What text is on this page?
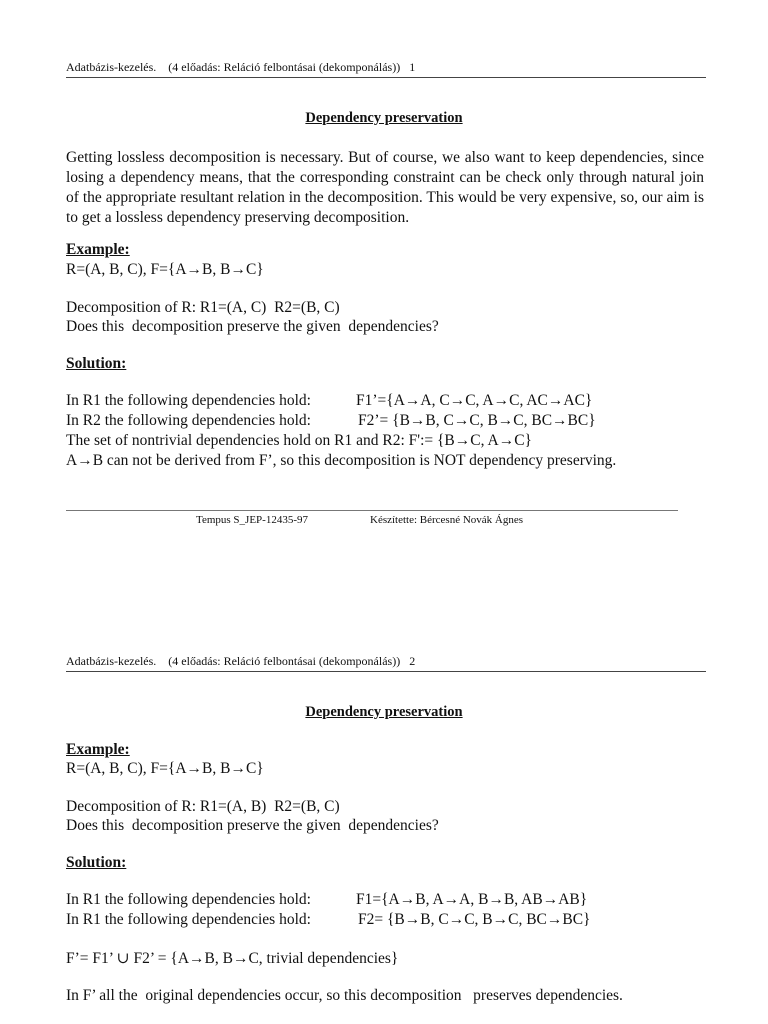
Adatbázis-kezelés.    (4 előadás: Reláció felbontásai (dekomponálás))   1
Dependency preservation
Getting lossless decomposition is necessary. But of course, we also want to keep dependencies, since losing a dependency means, that the corresponding constraint can be check only through natural join of the appropriate resultant relation in the decomposition. This would be very expensive, so, our aim is to get a lossless dependency preserving decomposition.
Example:
R=(A, B, C), F={A→B, B→C}
Decomposition of R: R1=(A, C)  R2=(B, C)
Does this  decomposition preserve the given  dependencies?
Solution:
In R1 the following dependencies hold:	F1’={A→A, C→C, A→C, AC→AC}
In R2 the following dependencies hold:	F2’= {B→B, C→C, B→C, BC→BC}
The set of nontrivial dependencies hold on R1 and R2: F':= {B→C, A→C}
A→B can not be derived from F’, so this decomposition is NOT dependency preserving.
Tempus S_JEP-12435-97	Készítette: Bércesné Novák Ágnes
Adatbázis-kezelés.    (4 előadás: Reláció felbontásai (dekomponálás))   2
Dependency preservation
Example:
R=(A, B, C), F={A→B, B→C}
Decomposition of R: R1=(A, B)  R2=(B, C)
Does this  decomposition preserve the given  dependencies?
Solution:
In R1 the following dependencies hold:	F1={A→B, A→A, B→B, AB→AB}
In R1 the following dependencies hold:	F2= {B→B, C→C, B→C, BC→BC}
F’= F1’ ∪ F2’ = {A→B, B→C, trivial dependencies}
In F’ all the  original dependencies occur, so this decomposition   preserves dependencies.
